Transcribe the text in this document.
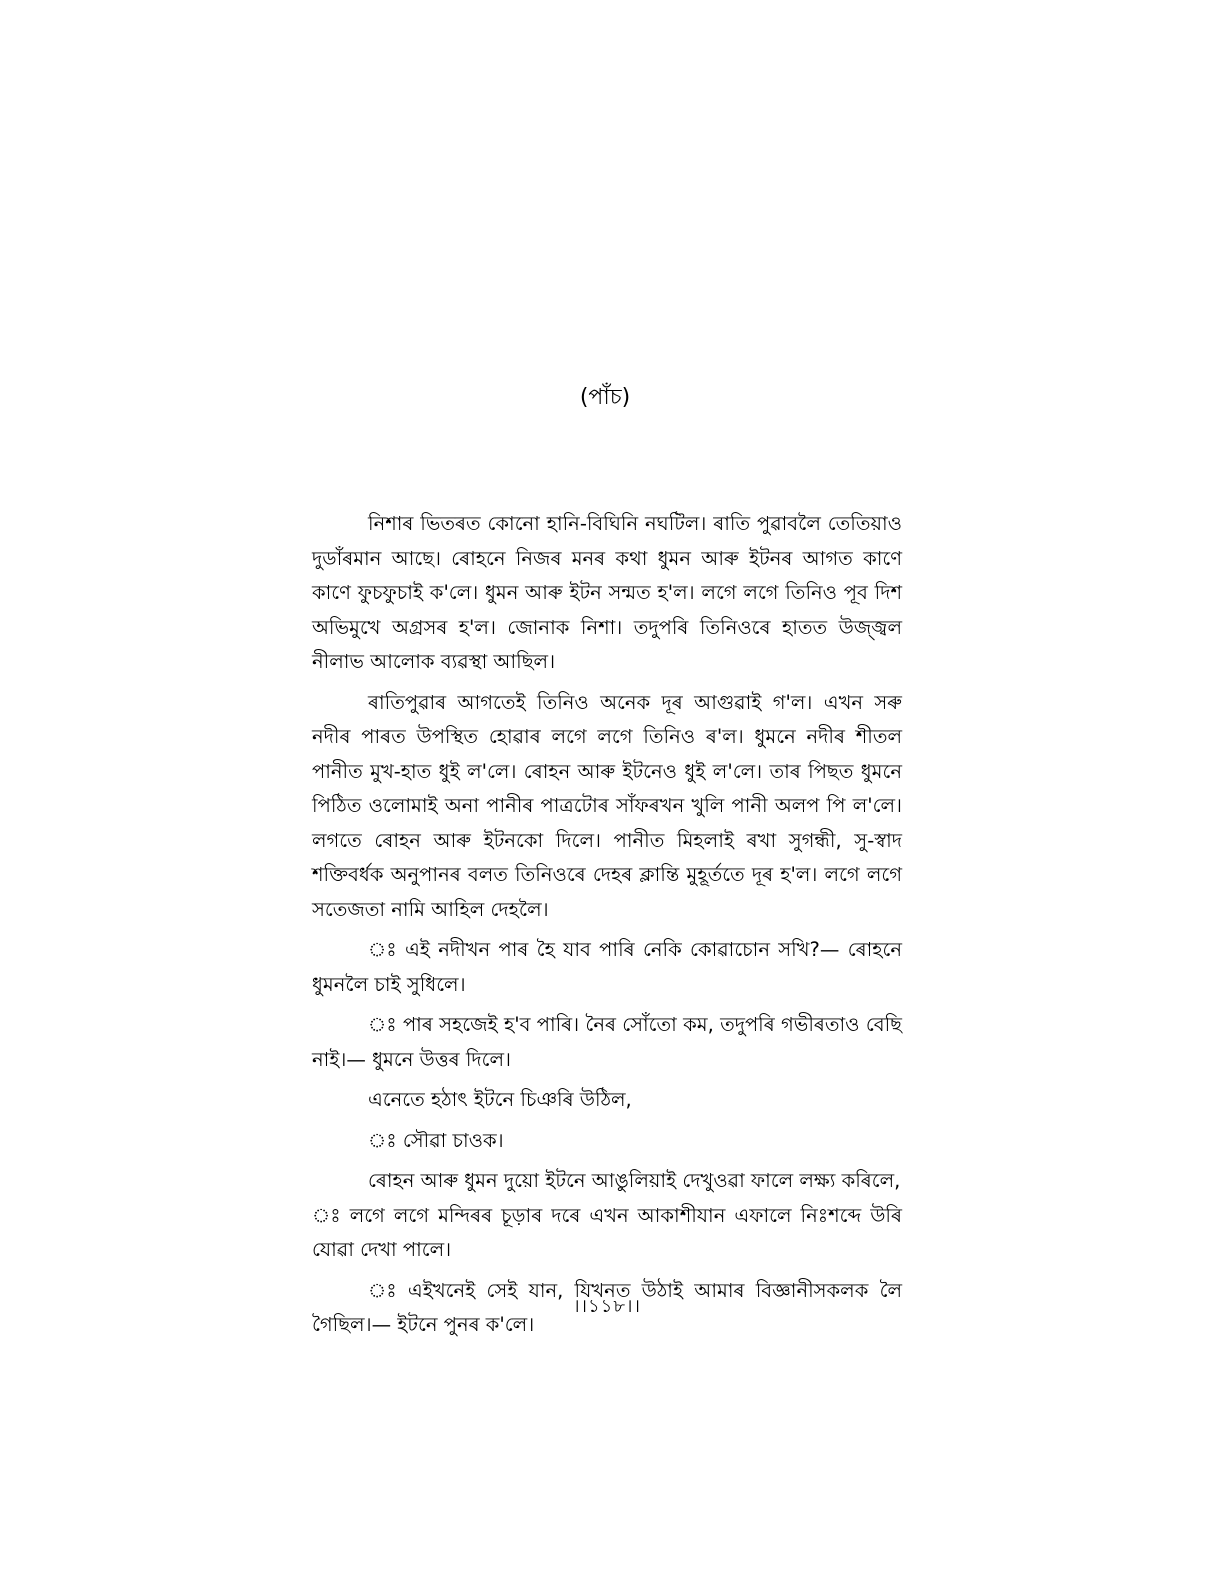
(পাঁচ)

নিশাৰ ভিতৰত কোনো হানি-বিঘিনি নঘটিল। ৰাতি পুৱাবলৈ তেতিয়াও দুডাঁৰমান আছে। ৰোহনে নিজৰ মনৰ কথা ধুমন আৰু ইটনৰ আগত কাণে কাণে ফুচফুচাই ক'লে। ধুমন আৰু ইটন সন্মত হ'ল। লগে লগে তিনিও পূব দিশ অভিমুখে অগ্ৰসৰ হ'ল। জোনাক নিশা। তদুপৰি তিনিওৰে হাতত উজ্জ্বল নীলাভ আলোক ব্যৱস্থা আছিল।

ৰাতিপুৱাৰ আগতেই তিনিও অনেক দূৰ আগুৱাই গ'ল। এখন সৰু নদীৰ পাৰত উপস্থিত হোৱাৰ লগে লগে তিনিও ৰ'ল। ধুমনে নদীৰ শীতল পানীত মুখ-হাত ধুই ল'লে। ৰোহন আৰু ইটনেও ধুই ল'লে। তাৰ পিছত ধুমনে পিঠিত ওলোমাই অনা পানীৰ পাত্ৰটোৰ সাঁফৰখন খুলি পানী অলপ পি ল'লে। লগতে ৰোহন আৰু ইটনকো দিলে। পানীত মিহলাই ৰখা সুগন্ধী, সু-স্বাদ শক্তিবৰ্ধক অনুপানৰ বলত তিনিওৰে দেহৰ ক্লান্তি মুহূৰ্ততে দূৰ হ'ল। লগে লগে সতেজতা নামি আহিল দেহলৈ।

ঃ এই নদীখন পাৰ হৈ যাব পাৰি নেকি কোৱাচোন সখি?— ৰোহনে ধুমনলৈ চাই সুধিলে।

ঃ পাৰ সহজেই হ'ব পাৰি। নৈৰ সোঁতো কম, তদুপৰি গভীৰতাও বেছি নাই।— ধুমনে উত্তৰ দিলে।

এনেতে হঠাৎ ইটনে চিঞৰি উঠিল,

ঃ সৌৱা চাওক।

ৰোহন আৰু ধুমন দুয়ো ইটনে আঙুলিয়াই দেখুওৱা ফালে লক্ষ্য কৰিলে,

ঃ লগে লগে মন্দিৰৰ চূড়াৰ দৰে এখন আকাশীযান এফালে নিঃশব্দে উৰি যোৱা দেখা পালে।

ঃ এইখনেই সেই যান, যিখনত উঠাই আমাৰ বিজ্ঞানীসকলক লৈ গৈছিল।— ইটনে পুনৰ ক'লে।

।।১১৮।।
